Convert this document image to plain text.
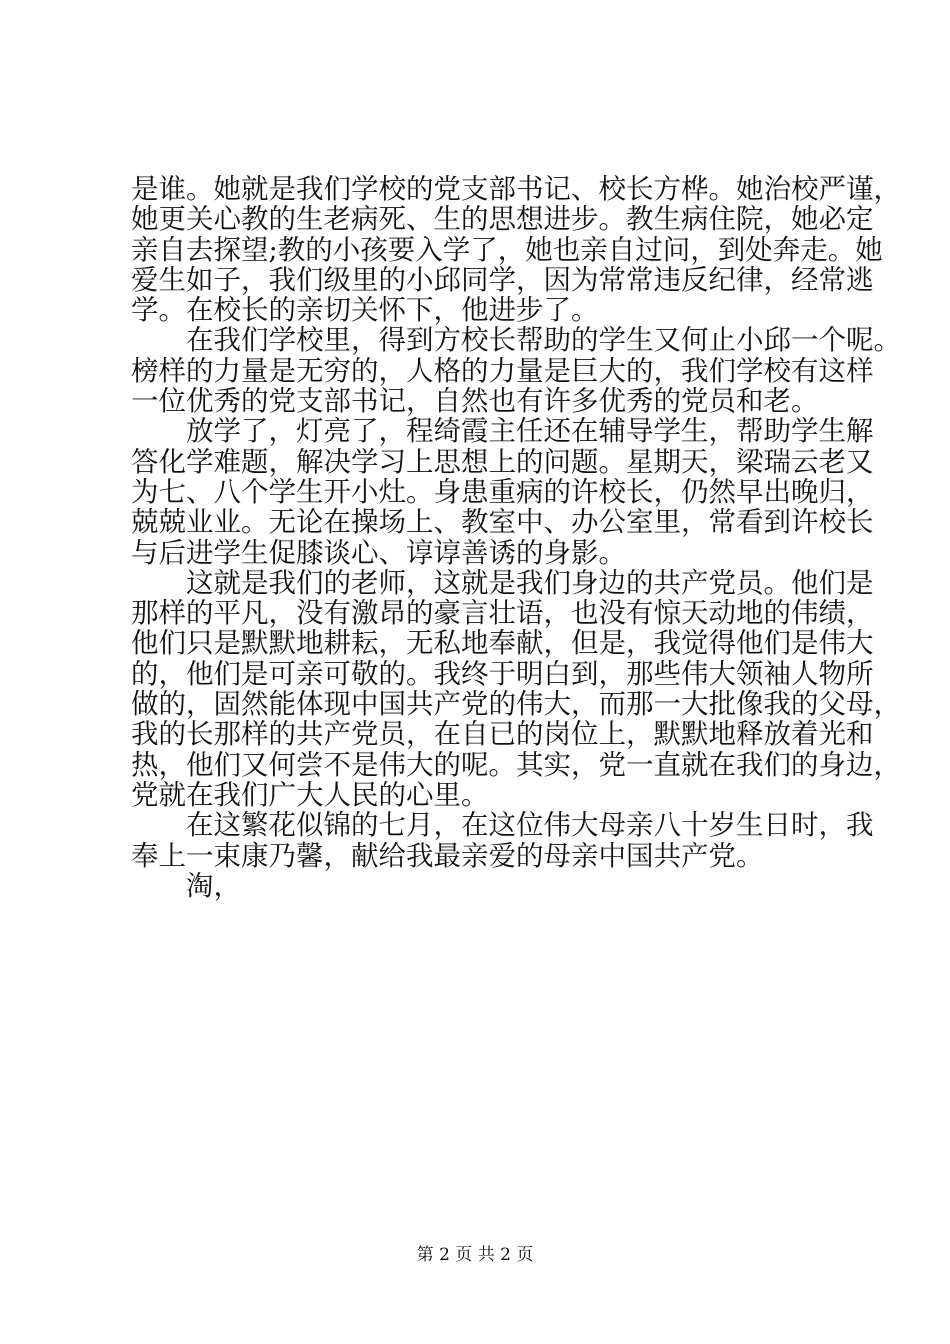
是谁。她就是我们学校的党支部书记、校长方桦。她治校严谨，
她更关心教的生老病死、生的思想进步。教生病住院，她必定
亲自去探望;教的小孩要入学了，她也亲自过问，到处奔走。她
爱生如子，我们级里的小邱同学，因为常常违反纪律，经常逃
学。在校长的亲切关怀下，他进步了。
在我们学校里，得到方校长帮助的学生又何止小邱一个呢。
榜样的力量是无穷的，人格的力量是巨大的，我们学校有这样
一位优秀的党支部书记，自然也有许多优秀的党员和老。
放学了，灯亮了，程绮霞主任还在辅导学生，帮助学生解
答化学难题，解决学习上思想上的问题。星期天，梁瑞云老又
为七、八个学生开小灶。身患重病的许校长，仍然早出晚归，
兢兢业业。无论在操场上、教室中、办公室里，常看到许校长
与后进学生促膝谈心、谆谆善诱的身影。
这就是我们的老师，这就是我们身边的共产党员。他们是
那样的平凡，没有激昂的豪言壮语，也没有惊天动地的伟绩，
他们只是默默地耕耘，无私地奉献，但是，我觉得他们是伟大
的，他们是可亲可敬的。我终于明白到，那些伟大领袖人物所
做的，固然能体现中国共产党的伟大，而那一大批像我的父母，
我的长那样的共产党员，在自已的岗位上，默默地释放着光和
热，他们又何尝不是伟大的呢。其实，党一直就在我们的身边，
党就在我们广大人民的心里。
在这繁花似锦的七月，在这位伟大母亲八十岁生日时，我
奉上一束康乃馨，献给我最亲爱的母亲中国共产党。
淘，
第 2 页 共 2 页
